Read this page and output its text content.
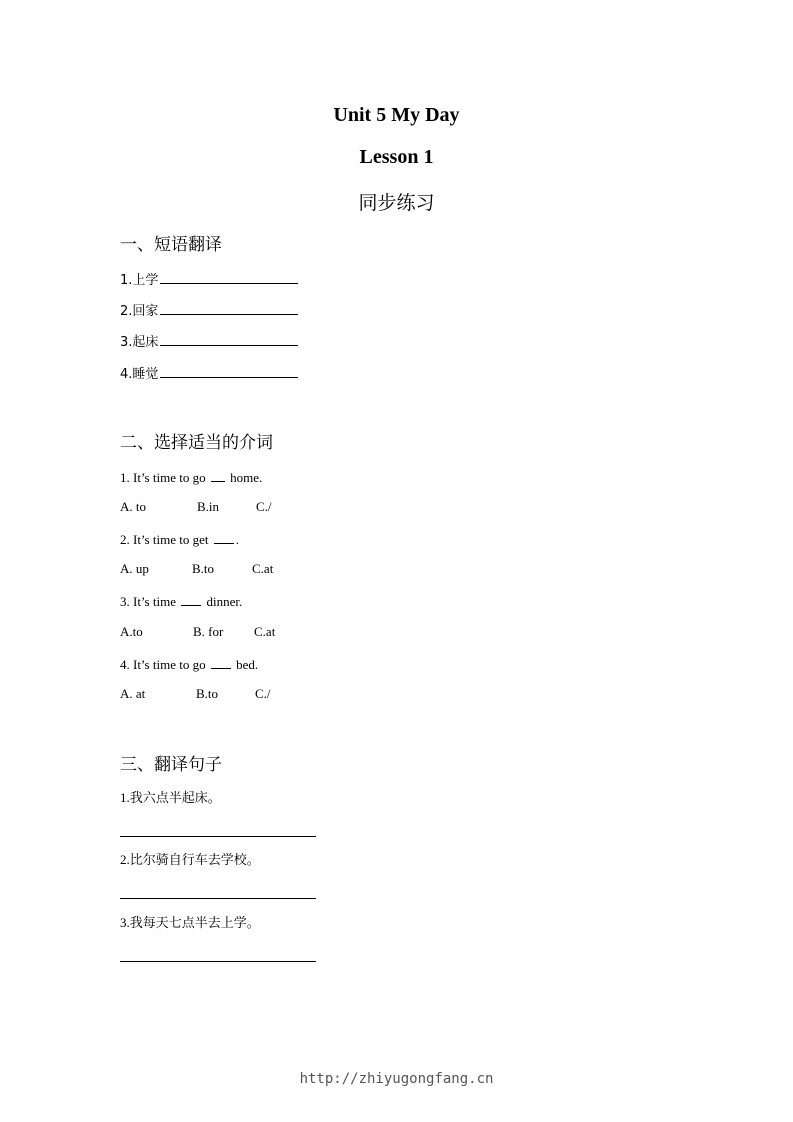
Unit 5 My Day
Lesson 1
同步练习
一、短语翻译
1.上学
2.回家
3.起床
4.睡觉
二、选择适当的介词
1. It’s time to go home.
A. to	B.in	C./
2. It’s time to get .
A. up	B.to	C.at
3. It’s time dinner.
A.to	B. for C.at
4. It’s time to go bed.
A. at	B.to	C./
三、翻译句子
1.我六点半起床。
2.比尔骑自行车去学校。
3.我每天七点半去上学。
http://zhiyugongfang.cn
